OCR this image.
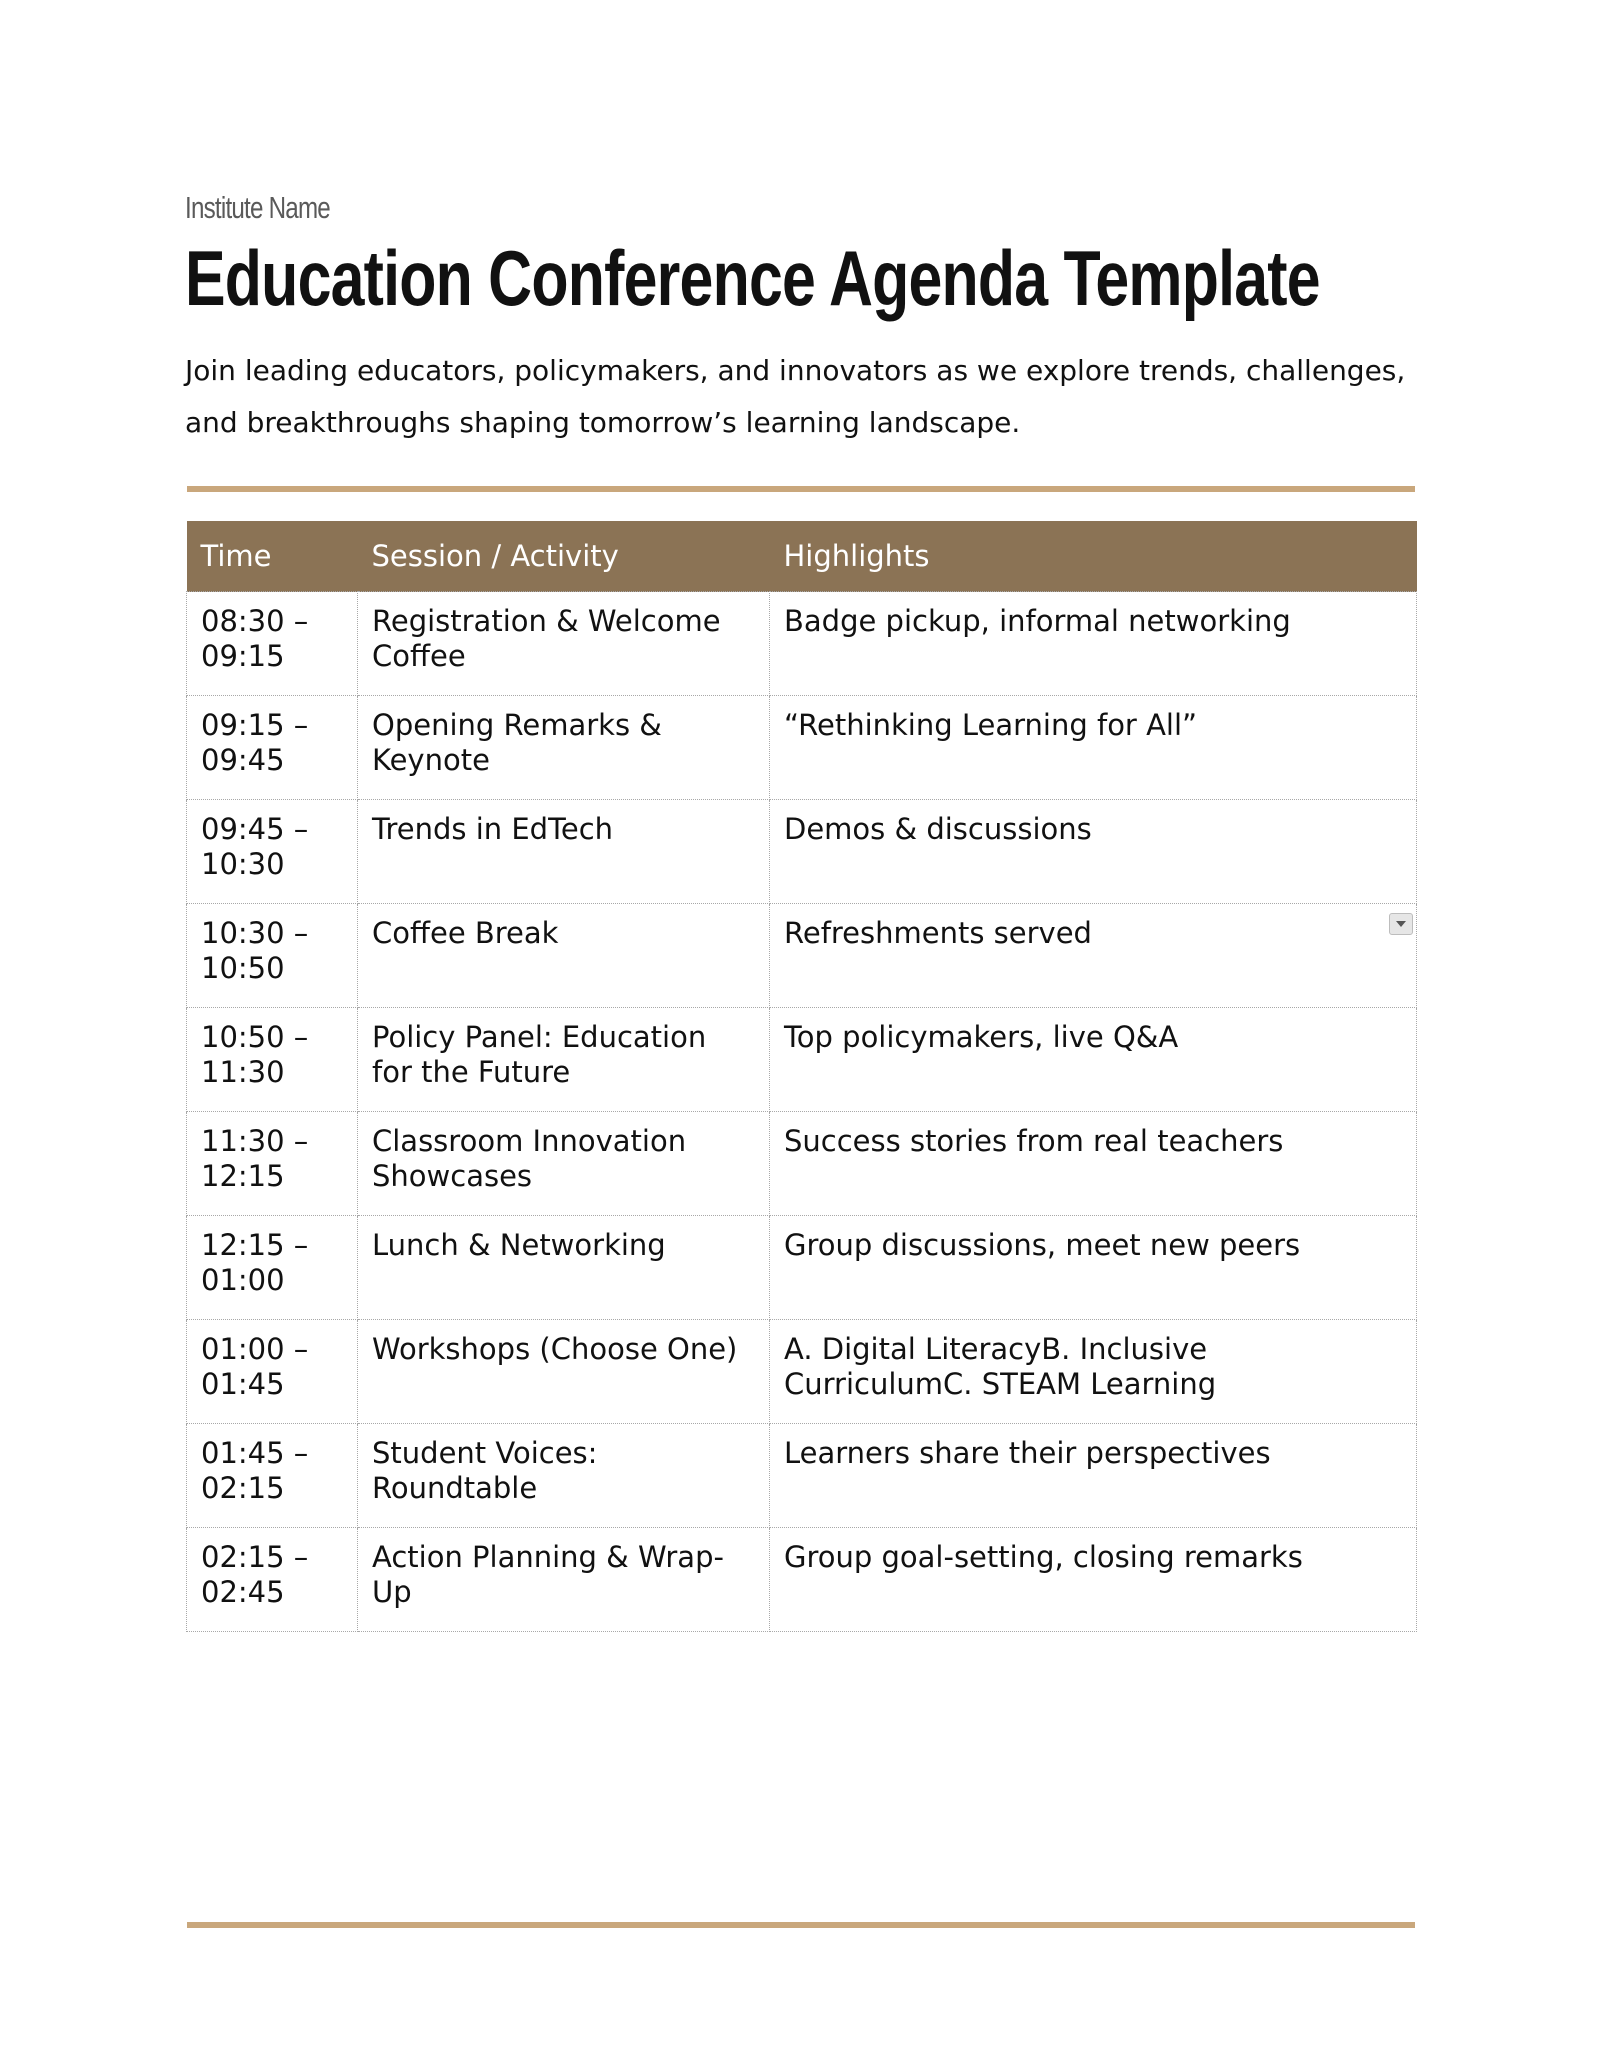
Institute Name
Education Conference Agenda Template
Join leading educators, policymakers, and innovators as we explore trends, challenges, and breakthroughs shaping tomorrow’s learning landscape.
Time	Session / Activity	Highlights
08:30 – 09:15	Registration & Welcome Coffee	Badge pickup, informal networking
09:15 – 09:45	Opening Remarks & Keynote	“Rethinking Learning for All”
09:45 – 10:30	Trends in EdTech	Demos & discussions
10:30 – 10:50	Coffee Break	Refreshments served

10:50 – 11:30	Policy Panel: Education for the Future	Top policymakers, live Q&A
11:30 – 12:15	Classroom Innovation Showcases	Success stories from real teachers
12:15 – 01:00	Lunch & Networking	Group discussions, meet new peers
01:00 – 01:45	Workshops (Choose One)	A. Digital LiteracyB. Inclusive CurriculumC. STEAM Learning
01:45 – 02:15	Student Voices: Roundtable	Learners share their perspectives
02:15 – 02:45	Action Planning & Wrap-Up	Group goal-setting, closing remarks
